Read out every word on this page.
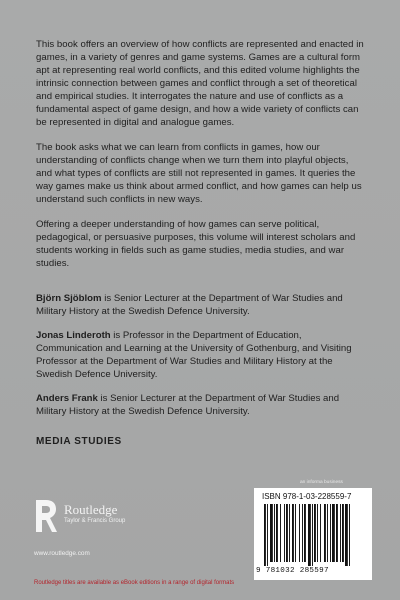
This book offers an overview of how conflicts are represented and enacted in games, in a variety of genres and game systems. Games are a cultural form apt at representing real world conflicts, and this edited volume highlights the intrinsic connection between games and conflict through a set of theoretical and empirical studies. It interrogates the nature and use of conflicts as a fundamental aspect of game design, and how a wide variety of conflicts can be represented in digital and analogue games.

The book asks what we can learn from conflicts in games, how our understanding of conflicts change when we turn them into playful objects, and what types of conflicts are still not represented in games. It queries the way games make us think about armed conflict, and how games can help us understand such conflicts in new ways.

Offering a deeper understanding of how games can serve political, pedagogical, or persuasive purposes, this volume will interest scholars and students working in fields such as game studies, media studies, and war studies.

Björn Sjöblom is Senior Lecturer at the Department of War Studies and Military History at the Swedish Defence University.

Jonas Linderoth is Professor in the Department of Education, Communication and Learning at the University of Gothenburg, and Visiting Professor at the Department of War Studies and Military History at the Swedish Defence University.

Anders Frank is Senior Lecturer at the Department of War Studies and Military History at the Swedish Defence University.

MEDIA STUDIES
Routledge
Taylor & Francis Group
www.routledge.com
Routledge titles are available as eBook editions in a range of digital formats
an informa business
ISBN 978-1-03-228559-7
9 781032 285597
